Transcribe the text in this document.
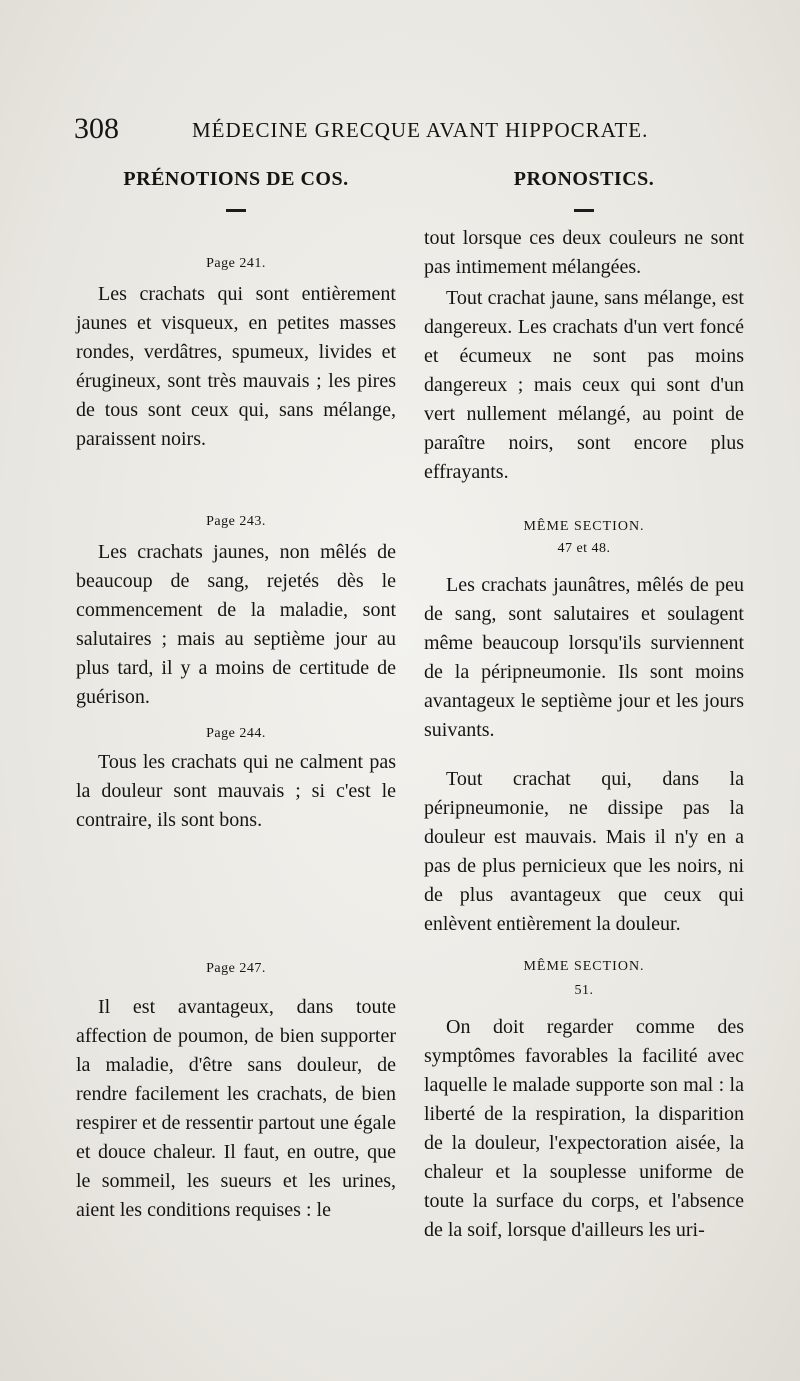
308	MÉDECINE GRECQUE AVANT HIPPOCRATE.
PRÉNOTIONS DE COS.

Page 241.

Les crachats qui sont entièrement jaunes et visqueux, en petites masses rondes, verdâtres, spumeux, livides et érugineux, sont très mauvais ; les pires de tous sont ceux qui, sans mélange, paraissent noirs.

Page 243.

Les crachats jaunes, non mêlés de beaucoup de sang, rejetés dès le commencement de la maladie, sont salutaires ; mais au septième jour au plus tard, il y a moins de certitude de guérison.

Page 244.

Tous les crachats qui ne calment pas la douleur sont mauvais ; si c'est le contraire, ils sont bons.

Page 247.

Il est avantageux, dans toute affection de poumon, de bien supporter la maladie, d'être sans douleur, de rendre facilement les crachats, de bien respirer et de ressentir partout une égale et douce chaleur. Il faut, en outre, que le sommeil, les sueurs et les urines, aient les conditions requises : le

PRONOSTICS.

tout lorsque ces deux couleurs ne sont pas intimement mélangées.

Tout crachat jaune, sans mélange, est dangereux. Les crachats d'un vert foncé et écumeux ne sont pas moins dangereux ; mais ceux qui sont d'un vert nullement mélangé, au point de paraître noirs, sont encore plus effrayants.

MÊME SECTION.

47 et 48.

Les crachats jaunâtres, mêlés de peu de sang, sont salutaires et soulagent même beaucoup lorsqu'ils surviennent de la péripneumonie. Ils sont moins avantageux le septième jour et les jours suivants.

Tout crachat qui, dans la péripneumonie, ne dissipe pas la douleur est mauvais. Mais il n'y en a pas de plus pernicieux que les noirs, ni de plus avantageux que ceux qui enlèvent entièrement la douleur.

MÊME SECTION.

51.

On doit regarder comme des symptômes favorables la facilité avec laquelle le malade supporte son mal : la liberté de la respiration, la disparition de la douleur, l'expectoration aisée, la chaleur et la souplesse uniforme de toute la surface du corps, et l'absence de la soif, lorsque d'ailleurs les uri-
